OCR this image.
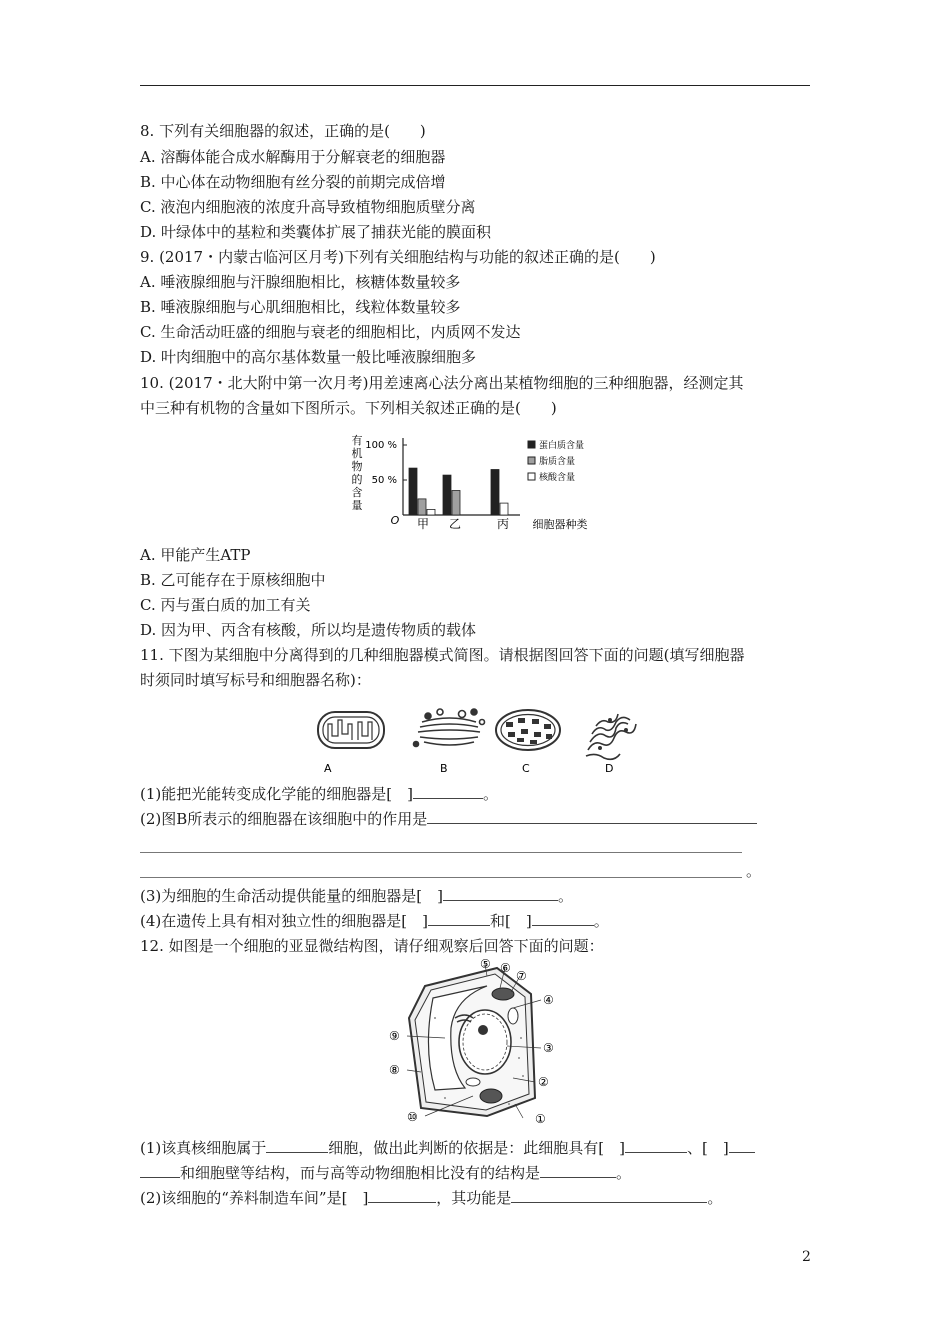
8. 下列有关细胞器的叙述，正确的是(　　)
A. 溶酶体能合成水解酶用于分解衰老的细胞器
B. 中心体在动物细胞有丝分裂的前期完成倍增
C. 液泡内细胞液的浓度升高导致植物细胞质壁分离
D. 叶绿体中的基粒和类囊体扩展了捕获光能的膜面积
9. (2017・内蒙古临河区月考)下列有关细胞结构与功能的叙述正确的是(　　)
A. 唾液腺细胞与汗腺细胞相比，核糖体数量较多
B. 唾液腺细胞与心肌细胞相比，线粒体数量较多
C. 生命活动旺盛的细胞与衰老的细胞相比，内质网不发达
D. 叶肉细胞中的高尔基体数量一般比唾液腺细胞多
10. (2017・北大附中第一次月考)用差速离心法分离出某植物细胞的三种细胞器，经测定其
中三种有机物的含量如下图所示。下列相关叙述正确的是(　　)
有
机
物
的
含
量
100 %
50 %
O 甲 乙	丙 细胞器种类
蛋白质含量
脂质含量
核酸含量
A. 甲能产生ATP
B. 乙可能存在于原核细胞中
C. 丙与蛋白质的加工有关
D. 因为甲、丙含有核酸，所以均是遗传物质的载体
11. 下图为某细胞中分离得到的几种细胞器模式简图。请根据图回答下面的问题(填写细胞器
时须同时填写标号和细胞器名称)：
A	B	C	D
(1)能把光能转变成化学能的细胞器是[　]	。
(2)图B所表示的细胞器在该细胞中的作用是
。
(3)为细胞的生命活动提供能量的细胞器是[　]	。
(4)在遗传上具有相对独立性的细胞器是[　]	和[　]	。
12. 如图是一个细胞的亚显微结构图，请仔细观察后回答下面的问题：
①
②
③
④
⑤ ⑥
⑦
⑧
⑨
⑩
(1)该真核细胞属于	细胞，做出此判断的依据是：此细胞具有[　]	、[　]
和细胞壁等结构，而与高等动物细胞相比没有的结构是	。
(2)该细胞的“养料制造车间”是[　]	，其功能是	。
2
